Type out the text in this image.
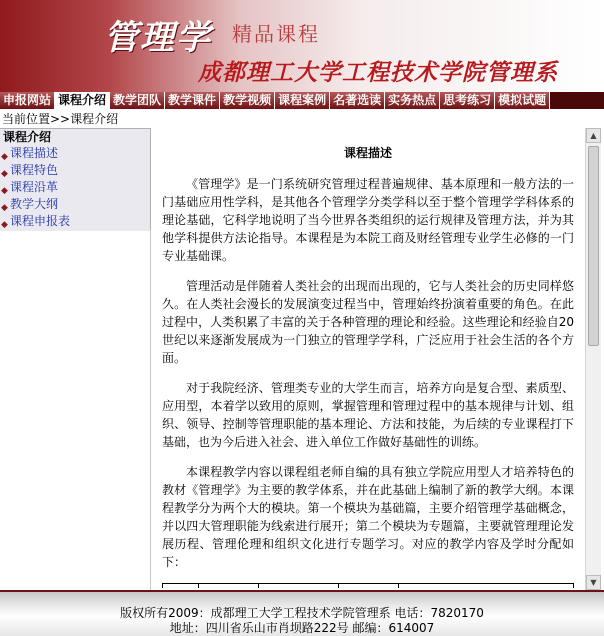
管理学 精品课程
成都理工大学工程技术学院管理系
申报网站 课程介绍 教学团队 教学课件 教学视频 课程案例 名著选读 实务热点 思考练习 模拟试题
当前位置>>课程介绍
课程介绍
◆ 课程描述
◆ 课程特色
◆ 课程沿革
◆ 教学大纲
◆ 课程申报表
课程描述

《管理学》是一门系统研究管理过程普遍规律、基本原理和一般方法的一门基础应用性学科，是其他各个管理学分类学科以至于整个管理学学科体系的理论基础，它科学地说明了当今世界各类组织的运行规律及管理方法，并为其他学科提供方法论指导。本课程是为本院工商及财经管理专业学生必修的一门专业基础课。

管理活动是伴随着人类社会的出现而出现的，它与人类社会的历史同样悠久。在人类社会漫长的发展演变过程当中，管理始终扮演着重要的角色。在此过程中，人类积累了丰富的关于各种管理的理论和经验。这些理论和经验自20世纪以来逐渐发展成为一门独立的管理学学科，广泛应用于社会生活的各个方面。

对于我院经济、管理类专业的大学生而言，培养方向是复合型、素质型、应用型，本着学以致用的原则，掌握管理和管理过程中的基本规律与计划、组织、领导、控制等管理职能的基本理论、方法和技能，为后续的专业课程打下基础，也为今后进入社会、进入单位工作做好基础性的训练。

本课程教学内容以课程组老师自编的具有独立学院应用型人才培养特色的教材《管理学》为主要的教学体系，并在此基础上编制了新的教学大纲。本课程教学分为两个大的模块。第一个模块为基础篇，主要介绍管理学基础概念，并以四大管理职能为线索进行展开；第二个模块为专题篇，主要就管理理论发展历程、管理伦理和组织文化进行专题学习。对应的教学内容及学时分配如下：

▲
▼
版权所有2009：成都理工大学工程技术学院管理系 电话：7820170
地址：四川省乐山市肖坝路222号 邮编：614007
